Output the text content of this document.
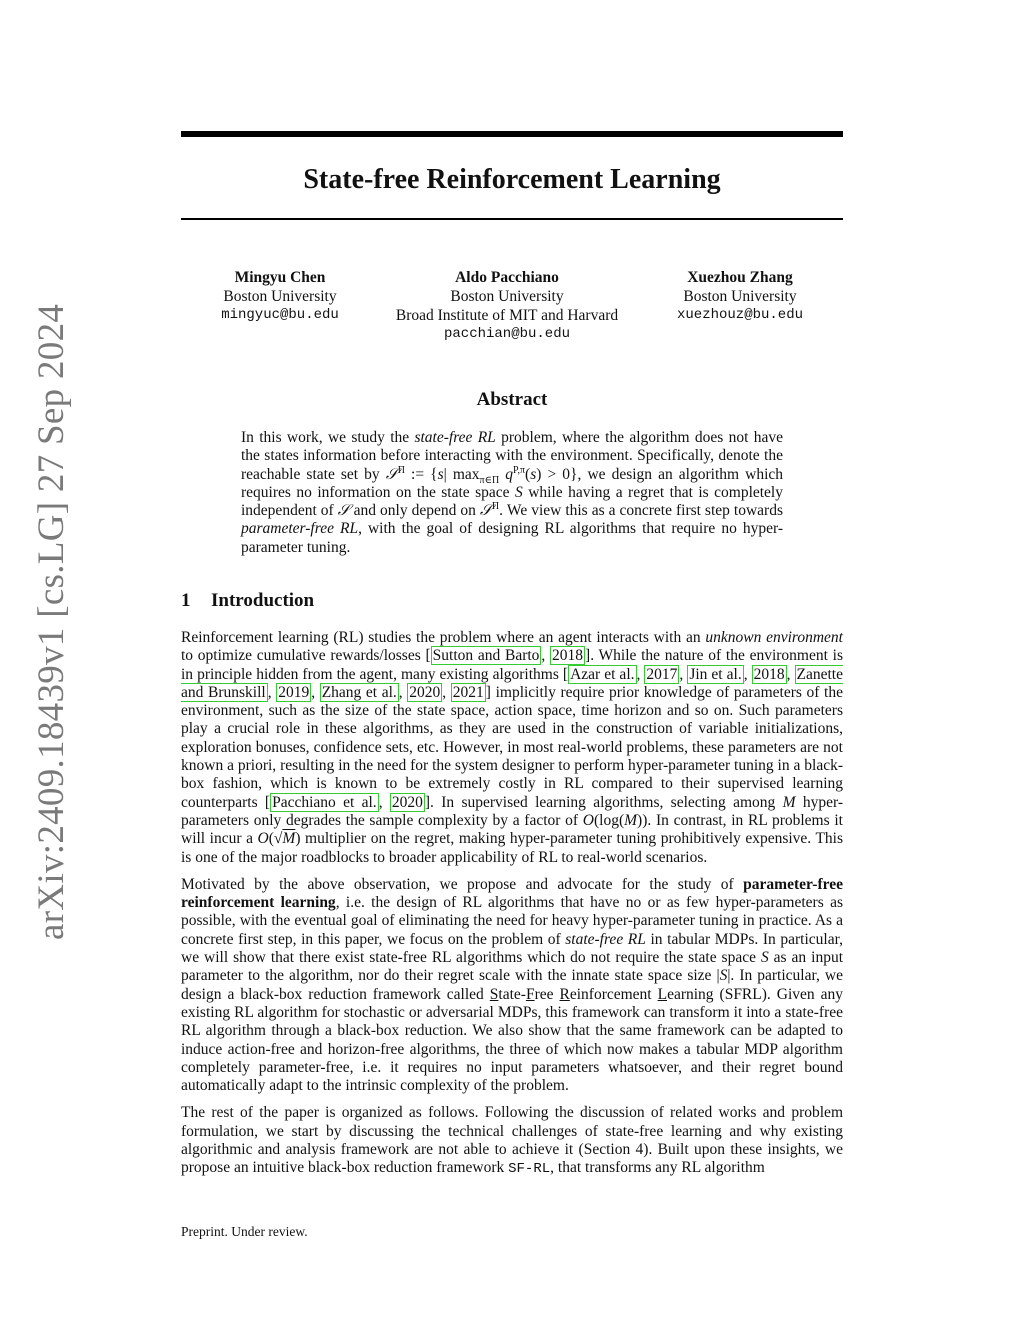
arXiv:2409.18439v1 [cs.LG] 27 Sep 2024
State-free Reinforcement Learning
Mingyu Chen
Boston University
mingyuc@bu.edu
Aldo Pacchiano
Boston University
Broad Institute of MIT and Harvard
pacchian@bu.edu
Xuezhou Zhang
Boston University
xuezhouz@bu.edu
Abstract
In this work, we study the state-free RL problem, where the algorithm does not have the states information before interacting with the environment. Specifically, denote the reachable state set by 𝒮$^\Pi$ := {s| $\max_{\pi\in\Pi} q^{P,\pi}(s) > 0$}, we design an algorithm which requires no information on the state space S while having a regret that is completely independent of 𝒮 and only depend on 𝒮$^\Pi$. We view this as a concrete first step towards parameter-free RL, with the goal of designing RL algorithms that require no hyper-parameter tuning.
1 Introduction

Reinforcement learning (RL) studies the problem where an agent interacts with an unknown environment to optimize cumulative rewards/losses [ Sutton and Barto , 2018 ]. While the nature of the environment is in principle hidden from the agent, many existing algorithms [ Azar et al. , 2017 , Jin et al. , 2018 , Zanette and Brunskill , 2019 , Zhang et al. , 2020 , 2021 ] implicitly require prior knowledge of parameters of the environment, such as the size of the state space, action space, time horizon and so on. Such parameters play a crucial role in these algorithms, as they are used in the construction of variable initializations, exploration bonuses, confidence sets, etc. However, in most real-world problems, these parameters are not known a priori, resulting in the need for the system designer to perform hyper-parameter tuning in a black-box fashion, which is known to be extremely costly in RL compared to their supervised learning counterparts [ Pacchiano et al. , 2020 ]. In supervised learning algorithms, selecting among M hyper-parameters only degrades the sample complexity by a factor of O(log(M)). In contrast, in RL problems it will incur a O(√M) multiplier on the regret, making hyper-parameter tuning prohibitively expensive. This is one of the major roadblocks to broader applicability of RL to real-world scenarios.

Motivated by the above observation, we propose and advocate for the study of parameter-free reinforcement learning, i.e. the design of RL algorithms that have no or as few hyper-parameters as possible, with the eventual goal of eliminating the need for heavy hyper-parameter tuning in practice. As a concrete first step, in this paper, we focus on the problem of state-free RL in tabular MDPs. In particular, we will show that there exist state-free RL algorithms which do not require the state space S as an input parameter to the algorithm, nor do their regret scale with the innate state space size |S|. In particular, we design a black-box reduction framework called State-Free Reinforcement Learning (SFRL). Given any existing RL algorithm for stochastic or adversarial MDPs, this framework can transform it into a state-free RL algorithm through a black-box reduction. We also show that the same framework can be adapted to induce action-free and horizon-free algorithms, the three of which now makes a tabular MDP algorithm completely parameter-free, i.e. it requires no input parameters whatsoever, and their regret bound automatically adapt to the intrinsic complexity of the problem.

The rest of the paper is organized as follows. Following the discussion of related works and problem formulation, we start by discussing the technical challenges of state-free learning and why existing algorithmic and analysis framework are not able to achieve it (Section 4). Built upon these insights, we propose an intuitive black-box reduction framework SF-RL, that transforms any RL algorithm

Preprint. Under review.
